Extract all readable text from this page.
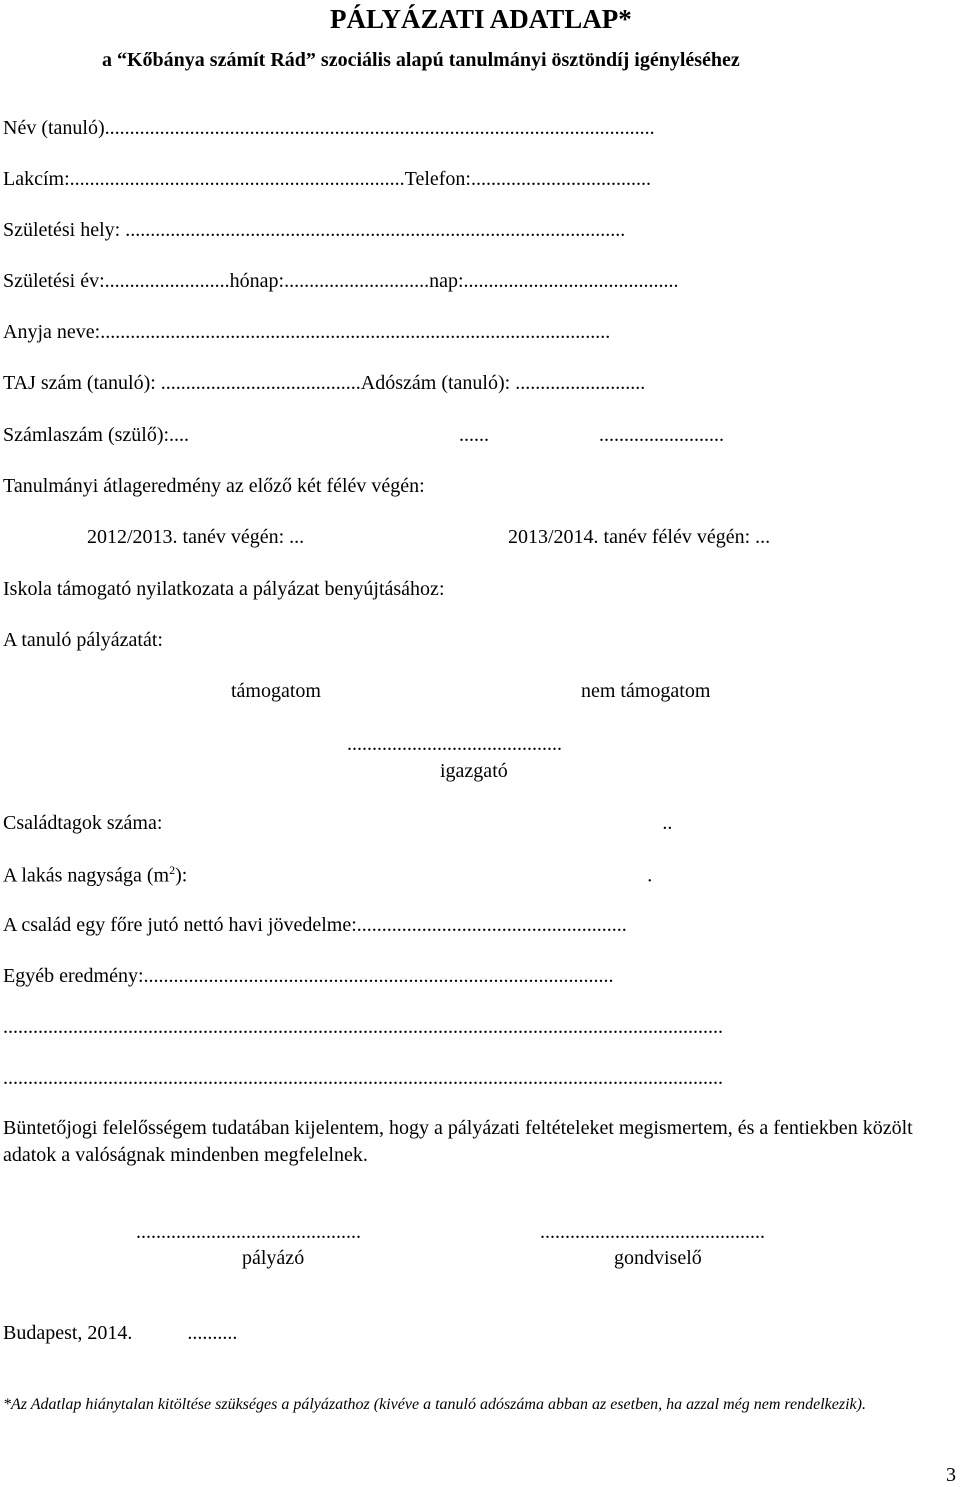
PÁLYÁZATI ADATLAP*
a “Kőbánya számít Rád” szociális alapú tanulmányi ösztöndíj igényléséhez
Név (tanuló)..............................................................................................................
Lakcím:...................................................................Telefon:....................................
Születési hely: ....................................................................................................
Születési év:.........................hónap:.............................nap:...........................................
Anyja neve:......................................................................................................
TAJ szám (tanuló): ........................................Adószám (tanuló): ..........................
Számlaszám (szülő):....                                                      ......                      .........................
Tanulmányi átlageredmény az előző két félév végén:
2012/2013. tanév végén: ...	2013/2014. tanév félév végén: ...
Iskola támogató nyilatkozata a pályázat benyújtásához:
A tanuló pályázatát:
támogatom	nem támogatom
...........................................
igazgató
Családtagok száma:                                                                                                    ..
A lakás nagysága $(m^2)$:                                                                                            .
A család egy főre jutó nettó havi jövedelme:......................................................
Egyéb eredmény:..............................................................................................
................................................................................................................................................
................................................................................................................................................
Büntetőjogi felelősségem tudatában kijelentem, hogy a pályázati feltételeket megismertem, és a fentiekben közölt adatok a valóságnak mindenben megfelelnek.
.............................................
pályázó
.............................................
gondviselő
Budapest, 2014.           ..........
*Az Adatlap hiánytalan kitöltése szükséges a pályázathoz (kivéve a tanuló adószáma abban az esetben, ha azzal még nem rendelkezik).
3
